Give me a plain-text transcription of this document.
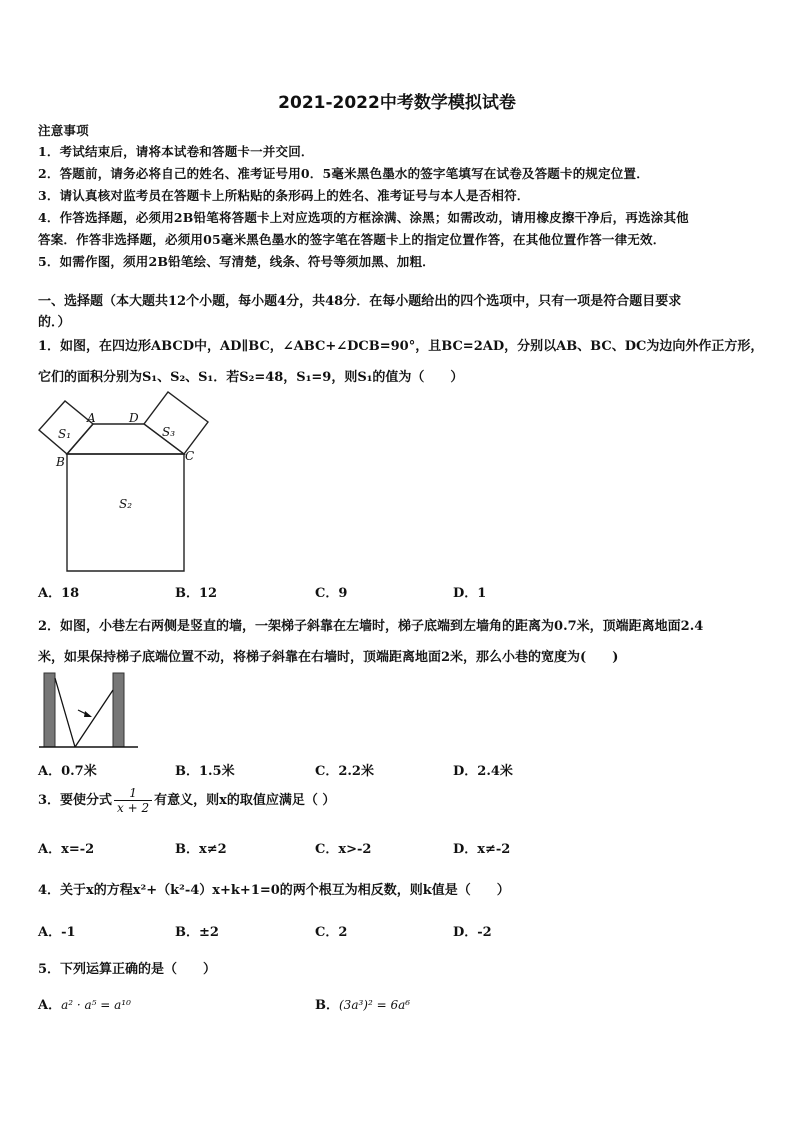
2021-2022中考数学模拟试卷
注意事项
1．考试结束后，请将本试卷和答题卡一并交回．
2．答题前，请务必将自己的姓名、准考证号用0．5毫米黑色墨水的签字笔填写在试卷及答题卡的规定位置．
3．请认真核对监考员在答题卡上所粘贴的条形码上的姓名、准考证号与本人是否相符．
4．作答选择题，必须用2B铅笔将答题卡上对应选项的方框涂满、涂黑；如需改动，请用橡皮擦干净后，再选涂其他
答案．作答非选择题，必须用05毫米黑色墨水的签字笔在答题卡上的指定位置作答，在其他位置作答一律无效．
5．如需作图，须用2B铅笔绘、写清楚，线条、符号等须加黑、加粗．
一、选择题（本大题共12个小题，每小题4分，共48分．在每小题给出的四个选项中，只有一项是符合题目要求
的．）
1．如图，在四边形ABCD中，AD∥BC，∠ABC+∠DCB=90°，且BC=2AD，分别以AB、BC、DC为边向外作正方形，
它们的面积分别为S₁、S₂、S₁．若S₂=48，S₁=9，则S₁的值为（　　）
A
B	C
D
S₁
S₂
S₃
A．18	B．12	C．9	D．1
2．如图，小巷左右两侧是竖直的墙，一架梯子斜靠在左墙时，梯子底端到左墙角的距离为0.7米，顶端距离地面2.4
米，如果保持梯子底端位置不动，将梯子斜靠在右墙时，顶端距离地面2米，那么小巷的宽度为(　　)
A．0.7米	B．1.5米	C．2.2米	D．2.4米
3．要使分式 $\frac{1}{x + 2}$ 有意义，则x的取值应满足（ ）
A．x=-2	B．x≠2	C．x>-2	D．x≠-2
4．关于x的方程x²+（k²-4）x+k+1=0的两个根互为相反数，则k值是（　　）
A．-1	B．±2	C．2	D．-2
5．下列运算正确的是（　　）
A．a² · a⁵ = a¹⁰	B．(3a³)² = 6a⁶
